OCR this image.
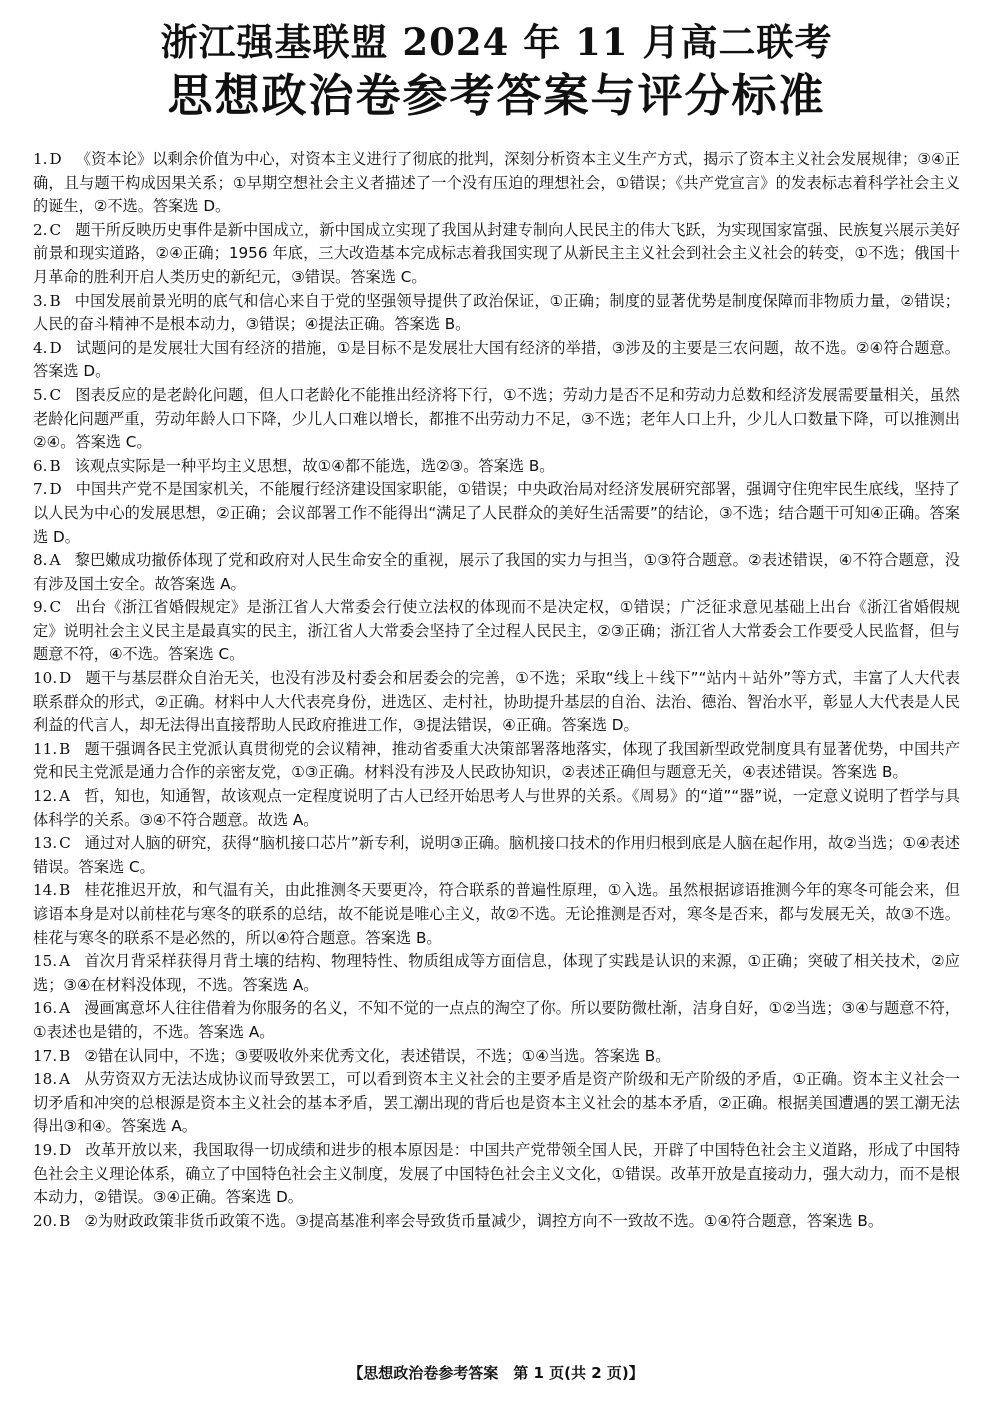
浙江强基联盟 2024 年 11 月高二联考
思想政治卷参考答案与评分标准
1. D 《资本论》以剩余价值为中心，对资本主义进行了彻底的批判，深刻分析资本主义生产方式，揭示了资本主义社会发展规律；③④正确，且与题干构成因果关系；①早期空想社会主义者描述了一个没有压迫的理想社会，①错误；《共产党宣言》的发表标志着科学社会主义的诞生，②不选。答案选 D。
2. C 题干所反映历史事件是新中国成立，新中国成立实现了我国从封建专制向人民民主的伟大飞跃，为实现国家富强、民族复兴展示美好前景和现实道路，②④正确；1956 年底，三大改造基本完成标志着我国实现了从新民主主义社会到社会主义社会的转变，①不选；俄国十月革命的胜利开启人类历史的新纪元，③错误。答案选 C。
3. B 中国发展前景光明的底气和信心来自于党的坚强领导提供了政治保证，①正确；制度的显著优势是制度保障而非物质力量，②错误；人民的奋斗精神不是根本动力，③错误；④提法正确。答案选 B。
4. D 试题问的是发展壮大国有经济的措施，①是目标不是发展壮大国有经济的举措，③涉及的主要是三农问题，故不选。②④符合题意。答案选 D。
5. C 图表反应的是老龄化问题，但人口老龄化不能推出经济将下行，①不选；劳动力是否不足和劳动力总数和经济发展需要量相关，虽然老龄化问题严重，劳动年龄人口下降，少儿人口难以增长，都推不出劳动力不足，③不选；老年人口上升，少儿人口数量下降，可以推测出②④。答案选 C。
6. B 该观点实际是一种平均主义思想，故①④都不能选，选②③。答案选 B。
7. D 中国共产党不是国家机关，不能履行经济建设国家职能，①错误；中央政治局对经济发展研究部署，强调守住兜牢民生底线，坚持了以人民为中心的发展思想，②正确；会议部署工作不能得出“满足了人民群众的美好生活需要”的结论，③不选；结合题干可知④正确。答案选 D。
8. A 黎巴嫩成功撤侨体现了党和政府对人民生命安全的重视，展示了我国的实力与担当，①③符合题意。②表述错误，④不符合题意，没有涉及国土安全。故答案选 A。
9. C 出台《浙江省婚假规定》是浙江省人大常委会行使立法权的体现而不是决定权，①错误；广泛征求意见基础上出台《浙江省婚假规定》说明社会主义民主是最真实的民主，浙江省人大常委会坚持了全过程人民民主，②③正确；浙江省人大常委会工作要受人民监督，但与题意不符，④不选。答案选 C。
10. D 题干与基层群众自治无关，也没有涉及村委会和居委会的完善，①不选；采取“线上＋线下”“站内＋站外”等方式，丰富了人大代表联系群众的形式，②正确。材料中人大代表亮身份，进选区、走村社，协助提升基层的自治、法治、德治、智治水平，彰显人大代表是人民利益的代言人，却无法得出直接帮助人民政府推进工作，③提法错误，④正确。答案选 D。
11. B 题干强调各民主党派认真贯彻党的会议精神，推动省委重大决策部署落地落实，体现了我国新型政党制度具有显著优势，中国共产党和民主党派是通力合作的亲密友党，①③正确。材料没有涉及人民政协知识，②表述正确但与题意无关，④表述错误。答案选 B。
12. A 哲，知也，知通智，故该观点一定程度说明了古人已经开始思考人与世界的关系。《周易》的“道”“器”说，一定意义说明了哲学与具体科学的关系。③④不符合题意。故选 A。
13. C 通过对人脑的研究，获得“脑机接口芯片”新专利，说明③正确。脑机接口技术的作用归根到底是人脑在起作用，故②当选；①④表述错误。答案选 C。
14. B 桂花推迟开放，和气温有关，由此推测冬天要更冷，符合联系的普遍性原理，①入选。虽然根据谚语推测今年的寒冬可能会来，但谚语本身是对以前桂花与寒冬的联系的总结，故不能说是唯心主义，故②不选。无论推测是否对，寒冬是否来，都与发展无关，故③不选。桂花与寒冬的联系不是必然的，所以④符合题意。答案选 B。
15. A 首次月背采样获得月背土壤的结构、物理特性、物质组成等方面信息，体现了实践是认识的来源，①正确；突破了相关技术，②应选；③④在材料没体现，不选。答案选 A。
16. A 漫画寓意坏人往往借着为你服务的名义，不知不觉的一点点的淘空了你。所以要防微杜渐，洁身自好，①②当选；③④与题意不符，①表述也是错的，不选。答案选 A。
17. B ②错在认同中，不选；③要吸收外来优秀文化，表述错误，不选；①④当选。答案选 B。
18. A 从劳资双方无法达成协议而导致罢工，可以看到资本主义社会的主要矛盾是资产阶级和无产阶级的矛盾，①正确。资本主义社会一切矛盾和冲突的总根源是资本主义社会的基本矛盾，罢工潮出现的背后也是资本主义社会的基本矛盾，②正确。根据美国遭遇的罢工潮无法得出③和④。答案选 A。
19. D 改革开放以来，我国取得一切成绩和进步的根本原因是：中国共产党带领全国人民，开辟了中国特色社会主义道路，形成了中国特色社会主义理论体系，确立了中国特色社会主义制度，发展了中国特色社会主义文化，①错误。改革开放是直接动力，强大动力，而不是根本动力，②错误。③④正确。答案选 D。
20. B ②为财政政策非货币政策不选。③提高基准利率会导致货币量减少，调控方向不一致故不选。①④符合题意，答案选 B。
【思想政治卷参考答案　第 1 页(共 2 页)】
